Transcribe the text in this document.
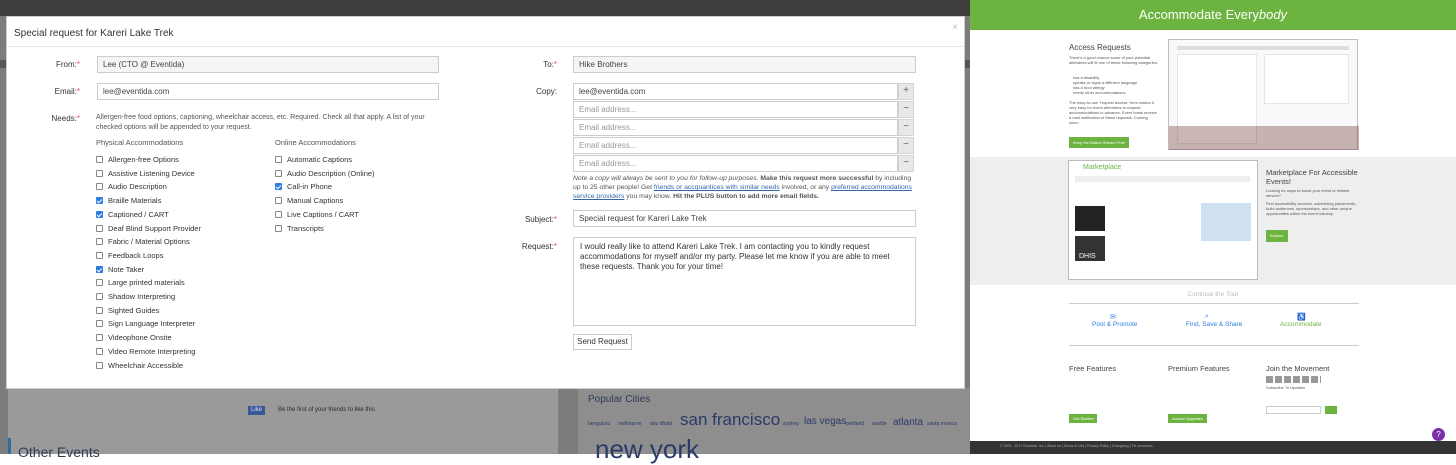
Like	Be the first of your friends to like this
Popular Cities
Other Events
bengaluru melbourne abu dhabi san francisco sydney las vegas portland seattle atlanta santa monica
new york
Special request for Kareri Lake Trek
×
From:*	Lee (CTO @ Eventida)
Email:*	lee@eventida.com
Needs:* Allergen-free food options, captioning, wheelchair access, etc. Required. Check all that apply. A list of your checked options will be appended to your request.
Physical Accommodations	Online Accommodations
Allergen-free Options
Assistive Listening Device
Audio Description
Braille Materials
Captioned / CART
Deaf Blind Support Provider
Fabric / Material Options
Feedback Loops
Note Taker
Large printed materials
Shadow Interpreting
Sighted Guides
Sign Language Interpreter
Videophone Onsite
Video Remote Interpreting
Wheelchair Accessible
Automatic Captions
Audio Description (Online)
Call-in Phone
Manual Captions
Live Captions / CART
Transcripts
To:*	Hike Brothers
Copy:	lee@eventida.com	+
Email address...	−
Email address...	−
Email address...	−
Email address...	−
Note a copy will always be sent to you for follow-up purposes. Make this request more successful by including up to 25 other people! Get friends or accquantices with similar needs involved, or any preferred accommodations service providers you may know. Hit the PLUS button to add more email fields.
Subject:*	Special request for Kareri Lake Trek
Request:*	I would really like to attend Kareri Lake Trek. I am contacting you to kindly request accommodations for myself and/or my party. Please let me know if you are able to meet these requests. Thank you for your time!
Send Request
Accommodate Everybody
Access Requests
There's a good chance some of your potential attendees will fit one of these following categories:
has a disability
speaks or signs a different language
has a food allergy
needs other accommodations
The easy-to-use "request access" form makes it very easy for event attendees to request accommodations in advance. Event hosts receive a mail notification of these requests. Coming soon...
Keep the Button Stream Free
Marketplace
DHIS
Marketplace For Accessible Events!
Looking for ways to boost your event or related service?
Find accessibility services, advertising placements, build audiences, sponsorships, and other unique opportunities within the event industry.
Explore
Continue the Tour
✉	⌕	♿
Post & Promote	Find, Save & Share	Accommodate
Free Features
Get Started
Premium Features
Annual Upgrades
Join the Movement
Subscribe To Updates
© 2009 - 2017 Eventida, Inc. | About us | Terms of Use | Privacy Policy | Changelog | Fix resources
?
